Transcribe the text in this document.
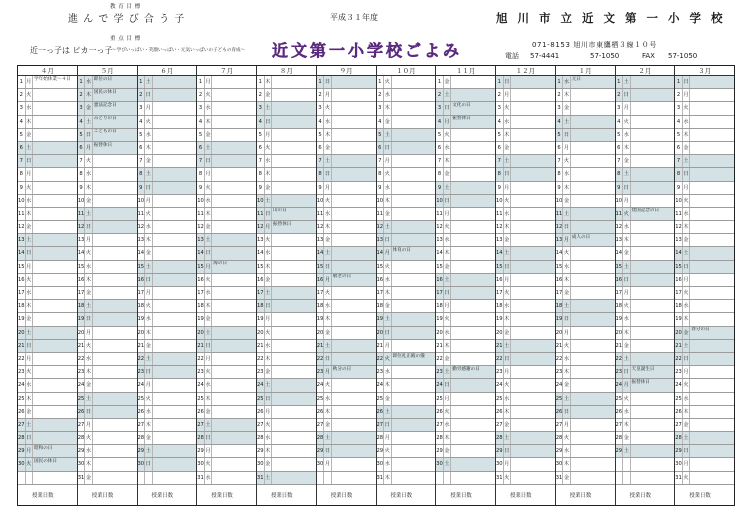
教 育 目 標
進 ん で 学 び 合 う 子
重 点 目 標
近一っ子は ピカ一っ子 ～学びいっぱい・笑顔いっぱい・元気いっぱいの子どもの育成～
平成３１年度
近文第一小学校ごよみ
旭 川 市 立 近 文 第 一 小 学 校
071-8153 旭川市東鷹栖３線１０号
電話 57-4441	57-1050	FAX 57-1050
４月
1 月 学年始休業～４日
2 火
3 水
4 木
5 金
6 土
7 日
8 月
9 火
10 水
11 木
12 金
13 土
14 日
15 月
16 火
17 水
18 木
19 金
20 土
21 日
22 月
23 火
24 水
25 木
26 金
27 土
28 日
29 月 昭和の日
30 火 国民の休日
授業日数
５月
1 水 即位の日
2 木 国民の休日
3 金 憲法記念日
4 土 みどりの日
5 日 こどもの日
6 月 振替休日
7 火
8 水
9 木
10 金
11 土
12 日
13 月
14 火
15 水
16 木
17 金
18 土
19 日
20 月
21 火
22 水
23 木
24 金
25 土
26 日
27 月
28 火
29 水
30 木
31 金
授業日数
６月
1 土
2 日
3 月
4 火
5 水
6 木
7 金
8 土
9 日
10 月
11 火
12 水
13 木
14 金
15 土
16 日
17 月
18 火
19 水
20 木
21 金
22 土
23 日
24 月
25 火
26 水
27 木
28 金
29 土
30 日
授業日数
７月
1 月
2 火
3 水
4 木
5 金
6 土
7 日
8 月
9 火
10 水
11 木
12 金
13 土
14 日
15 月 海の日
16 火
17 水
18 木
19 金
20 土
21 日
22 月
23 火
24 水
25 木
26 金
27 土
28 日
29 月
30 火
31 水
授業日数
８月
1 木
2 金
3 土
4 日
5 月
6 火
7 水
8 木
9 金
10 土
11 日 山の日
12 月 振替休日
13 火
14 水
15 木
16 金
17 土
18 日
19 月
20 火
21 水
22 木
23 金
24 土
25 日
26 月
27 火
28 水
29 木
30 金
31 土
授業日数
９月
1 日
2 月
3 火
4 水
5 木
6 金
7 土
8 日
9 月
10 火
11 水
12 木
13 金
14 土
15 日
16 月 敬老の日
17 火
18 水
19 木
20 金
21 土
22 日
23 月 秋分の日
24 火
25 水
26 木
27 金
28 土
29 日
30 月
授業日数
１０月
1 火
2 水
3 木
4 金
5 土
6 日
7 月
8 火
9 水
10 木
11 金
12 土
13 日
14 月 体育の日
15 火
16 水
17 木
18 金
19 土
20 日
21 月
22 火 即位礼正殿の儀
23 水
24 木
25 金
26 土
27 日
28 月
29 火
30 水
31 木
授業日数
１１月
1 金
2 土
3 日 文化の日
4 月 振替休日
5 火
6 水
7 木
8 金
9 土
10 日
11 月
12 火
13 水
14 木
15 金
16 土
17 日
18 月
19 火
20 水
21 木
22 金
23 土 勤労感謝の日
24 日
25 月
26 火
27 水
28 木
29 金
30 土
授業日数
１２月
1 日
2 月
3 火
4 水
5 木
6 金
7 土
8 日
9 月
10 火
11 水
12 木
13 金
14 土
15 日
16 月
17 火
18 水
19 木
20 金
21 土
22 日
23 月
24 火
25 水
26 木
27 金
28 土
29 日
30 月
31 火
授業日数
１月
1 水 元日
2 木
3 金
4 土
5 日
6 月
7 火
8 水
9 木
10 金
11 土
12 日
13 月 成人の日
14 火
15 水
16 木
17 金
18 土
19 日
20 月
21 火
22 水
23 木
24 金
25 土
26 日
27 月
28 火
29 水
30 木
31 金
授業日数
２月
1 土
2 日
3 月
4 火
5 水
6 木
7 金
8 土
9 日
10 月
11 火 建国記念の日
12 水
13 木
14 金
15 土
16 日
17 月
18 火
19 水
20 木
21 金
22 土
23 日 天皇誕生日
24 月 振替休日
25 火
26 水
27 木
28 金
29 土
授業日数
３月
1 日
2 月
3 火
4 水
5 木
6 金
7 土
8 日
9 月
10 火
11 水
12 木
13 金
14 土
15 日
16 月
17 火
18 水
19 木
20 金 春分の日
21 土
22 日
23 月
24 火
25 水
26 木
27 金
28 土
29 日
30 月
31 火
授業日数
